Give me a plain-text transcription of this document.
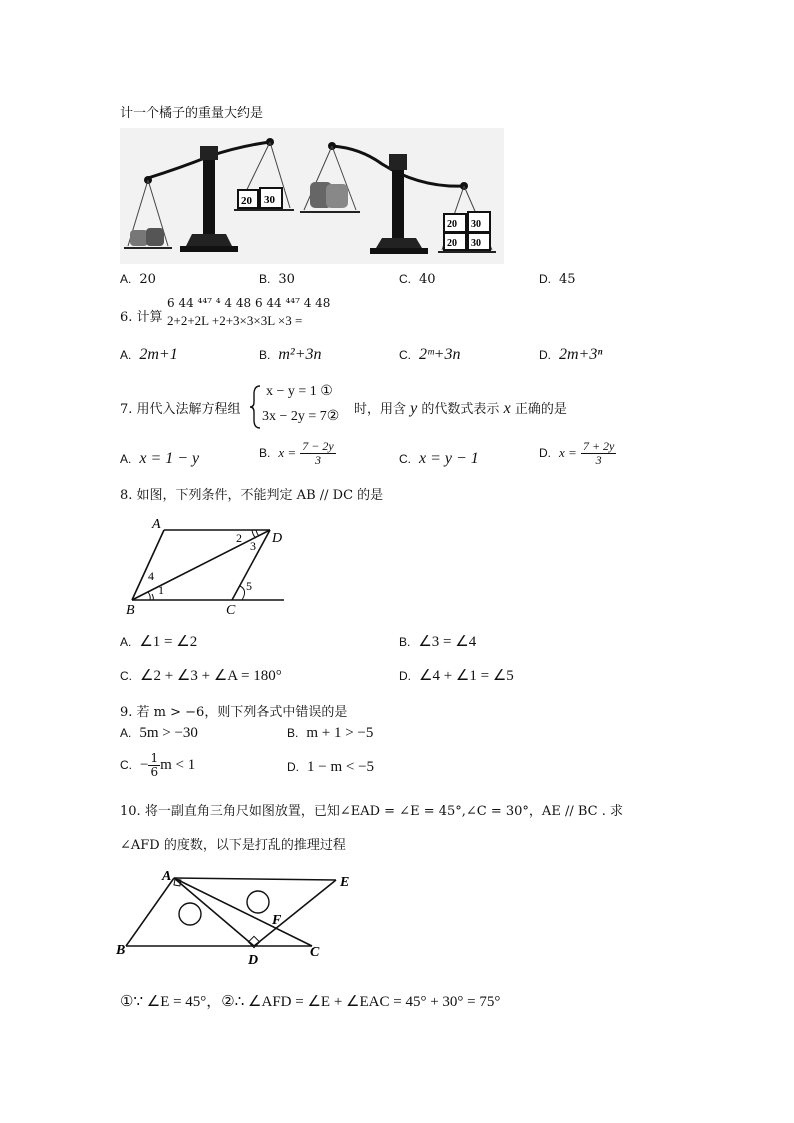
计一个橘子的重量大约是
20 30
20 30
20 30
A. 20	B. 30	C. 40	D. 45
6. 计算
6 44 ⁴⁴⁷ ⁴ 4 48 6 44 ⁴⁴⁷ 4 48
2+2+2L +2+3×3×3L ×3 =
A. 2m+1	B. m²+3n	C. 2ᵐ+3n	D. 2m+3ⁿ
7. 用代入法解方程组
x − y = 1 ①
3x − 2y = 7② 时，用含 y 的代数式表示 x 正确的是
A. x = 1 − y	B. $x = \frac{7 - 2y}{3}$	C. x = y − 1	D. $x = \frac{7 + 2y}{3}$
8. 如图，下列条件，不能判定 AB // DC 的是
A
D
B	C
1
2
3
4
5
A. ∠1 = ∠2	B. ∠3 = ∠4
C. ∠2 + ∠3 + ∠A = 180°	D. ∠4 + ∠1 = ∠5
9. 若 m > −6，则下列各式中错误的是
A. 5m > −30	B. m + 1 > −5
C. − $\frac{1}{6}$ m < 1	D. 1 − m < −5
10. 将一副直角三角尺如图放置，已知∠EAD = ∠E = 45°,∠C = 30°，AE // BC . 求
∠AFD 的度数，以下是打乱的推理过程
A	E
F
B
D
C
①∵ ∠E = 45°，②∴ ∠AFD = ∠E + ∠EAC = 45° + 30° = 75°
